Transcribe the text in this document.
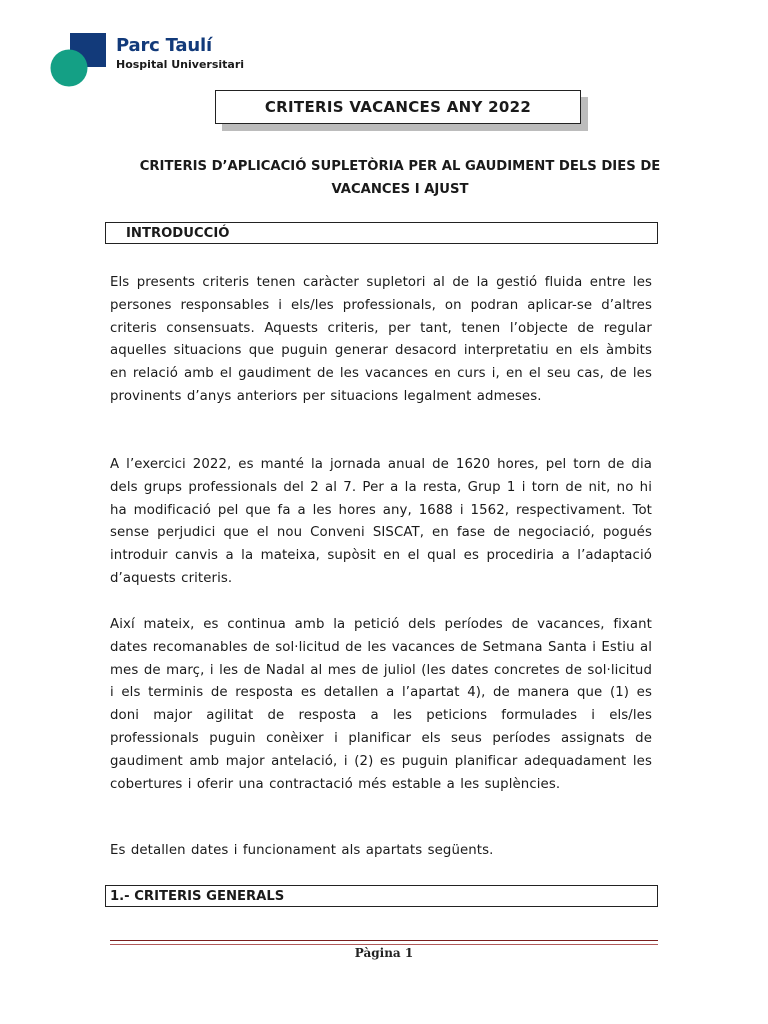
Parc Taulí
Hospital Universitari
CRITERIS VACANCES ANY 2022
CRITERIS D’APLICACIÓ SUPLETÒRIA PER AL GAUDIMENT DELS DIES DE VACANCES I AJUST
INTRODUCCIÓ

Els presents criteris tenen caràcter supletori al de la gestió fluida entre les persones responsables i els/les professionals, on podran aplicar-se d’altres criteris consensuats. Aquests criteris, per tant, tenen l’objecte de regular aquelles situacions que puguin generar desacord interpretatiu en els àmbits en relació amb el gaudiment de les vacances en curs i, en el seu cas, de les provinents d’anys anteriors per situacions legalment admeses.

A l’exercici 2022, es manté la jornada anual de 1620 hores, pel torn de dia dels grups professionals del 2 al 7. Per a la resta, Grup 1 i torn de nit, no hi ha modificació pel que fa a les hores any, 1688 i 1562, respectivament. Tot sense perjudici que el nou Conveni SISCAT, en fase de negociació, pogués introduir canvis a la mateixa, supòsit en el qual es procediria a l’adaptació d’aquests criteris.

Així mateix, es continua amb la petició dels períodes de vacances, fixant dates recomanables de sol·licitud de les vacances de Setmana Santa i Estiu al mes de març, i les de Nadal al mes de juliol (les dates concretes de sol·licitud i els terminis de resposta es detallen a l’apartat 4), de manera que (1) es doni major agilitat de resposta a les peticions formulades i els/les professionals puguin conèixer i planificar els seus períodes assignats de gaudiment amb major antelació, i (2) es puguin planificar adequadament les cobertures i oferir una contractació més estable a les suplències.

Es detallen dates i funcionament als apartats següents.

1.- CRITERIS GENERALS
Pàgina 1
